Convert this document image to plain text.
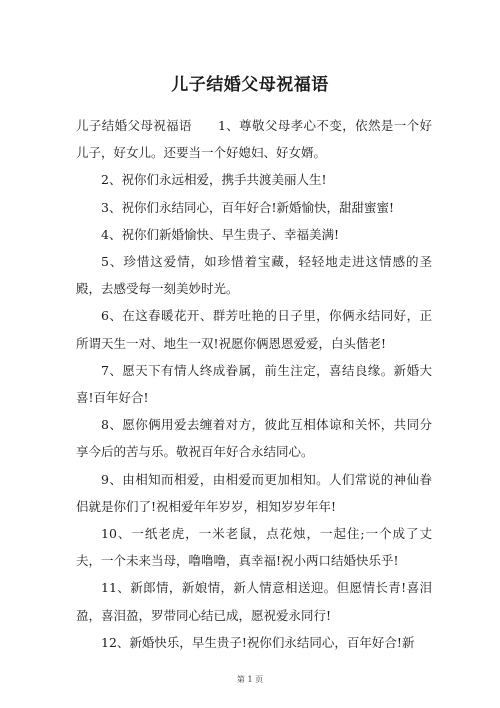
儿子结婚父母祝福语

儿子结婚父母祝福语 1、尊敬父母孝心不变，依然是一个好儿子，好女儿。还要当一个好媳妇、好女婿。

2、祝你们永远相爱，携手共渡美丽人生!

3、祝你们永结同心，百年好合!新婚愉快，甜甜蜜蜜!

4、祝你们新婚愉快、早生贵子、幸福美满!

5、珍惜这爱情，如珍惜着宝藏，轻轻地走进这情感的圣殿，去感受每一刻美妙时光。

6、在这春暖花开、群芳吐艳的日子里，你俩永结同好，正所谓天生一对、地生一双!祝愿你俩恩恩爱爱，白头偕老!

7、愿天下有情人终成眷属，前生注定，喜结良缘。新婚大喜!百年好合!

8、愿你俩用爱去缠着对方，彼此互相体谅和关怀，共同分享今后的苦与乐。敬祝百年好合永结同心。

9、由相知而相爱，由相爱而更加相知。人们常说的神仙眷侣就是你们了!祝相爱年年岁岁，相知岁岁年年!

10、一纸老虎，一米老鼠，点花烛，一起住;一个成了丈夫，一个未来当母，噜噜噜，真幸福!祝小两口结婚快乐乎!

11、新郎情，新娘情，新人情意相送迎。但愿情长青!喜泪盈，喜泪盈，罗带同心结已成，愿祝爱永同行!

12、新婚快乐，早生贵子!祝你们永结同心，百年好合!新

第 1 页
